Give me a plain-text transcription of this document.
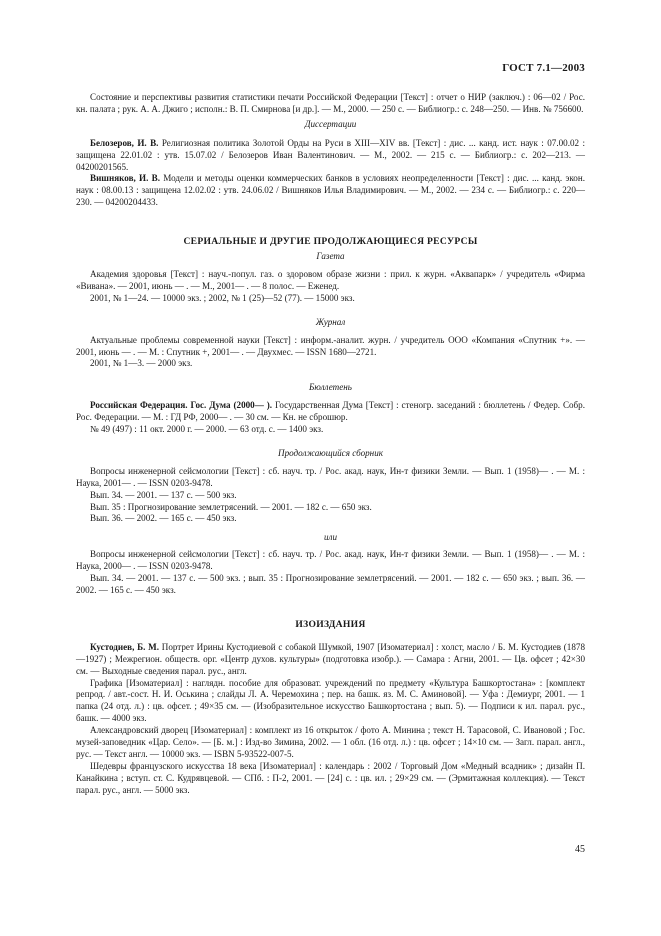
ГОСТ 7.1—2003

Состояние и перспективы развития статистики печати Российской Федерации [Текст] : отчет о НИР (заключ.) : 06—02 / Рос. кн. палата ; рук. А. А. Джиго ; исполн.: В. П. Смирнова [и др.]. — М., 2000. — 250 с. — Библиогр.: с. 248—250. — Инв. № 756600.

Диссертации

Белозеров, И. В. Религиозная политика Золотой Орды на Руси в XIII—XIV вв. [Текст] : дис. ... канд. ист. наук : 07.00.02 : защищена 22.01.02 : утв. 15.07.02 / Белозеров Иван Валентинович. — М., 2002. — 215 с. — Библиогр.: с. 202—213. — 04200201565.

Вишняков, И. В. Модели и методы оценки коммерческих банков в условиях неопределенности [Текст] : дис. ... канд. экон. наук : 08.00.13 : защищена 12.02.02 : утв. 24.06.02 / Вишняков Илья Владимирович. — М., 2002. — 234 с. — Библиогр.: с. 220—230. — 04200204433.

СЕРИАЛЬНЫЕ И ДРУГИЕ ПРОДОЛЖАЮЩИЕСЯ РЕСУРСЫ
Газета

Академия здоровья [Текст] : науч.-попул. газ. о здоровом образе жизни : прил. к журн. «Аквапарк» / учредитель «Фирма «Вивана». — 2001, июнь — . — М., 2001— . — 8 полос. — Еженед.

2001, № 1—24. — 10000 экз. ; 2002, № 1 (25)—52 (77). — 15000 экз.

Журнал

Актуальные проблемы современной науки [Текст] : информ.-аналит. журн. / учредитель ООО «Компания «Спутник +». — 2001, июнь — . — М. : Спутник +, 2001— . — Двухмес. — ISSN 1680—2721.

2001, № 1—3. — 2000 экз.

Бюллетень

Российская Федерация. Гос. Дума (2000— ). Государственная Дума [Текст] : стеногр. заседаний : бюллетень / Федер. Собр. Рос. Федерации. — М. : ГД РФ, 2000— . — 30 см. — Кн. не сброшюр.

№ 49 (497) : 11 окт. 2000 г. — 2000. — 63 отд. с. — 1400 экз.

Продолжающийся сборник

Вопросы инженерной сейсмологии [Текст] : сб. науч. тр. / Рос. акад. наук, Ин-т физики Земли. — Вып. 1 (1958)— . — М. : Наука, 2001— . — ISSN 0203-9478.

Вып. 34. — 2001. — 137 с. — 500 экз.

Вып. 35 : Прогнозирование землетрясений. — 2001. — 182 с. — 650 экз.

Вып. 36. — 2002. — 165 с. — 450 экз.

или

Вопросы инженерной сейсмологии [Текст] : сб. науч. тр. / Рос. акад. наук, Ин-т физики Земли. — Вып. 1 (1958)— . — М. : Наука, 2000— . — ISSN 0203-9478.

Вып. 34. — 2001. — 137 с. — 500 экз. ; вып. 35 : Прогнозирование землетрясений. — 2001. — 182 с. — 650 экз. ; вып. 36. — 2002. — 165 с. — 450 экз.

ИЗОИЗДАНИЯ

Кустодиев, Б. М. Портрет Ирины Кустодиевой с собакой Шумкой, 1907 [Изоматериал] : холст, масло / Б. М. Кустодиев (1878—1927) ; Межрегион. обществ. орг. «Центр духов. культуры» (подготовка изобр.). — Самара : Агни, 2001. — Цв. офсет ; 42×30 см. — Выходные сведения парал. рус., англ.

Графика [Изоматериал] : наглядн. пособие для образоват. учреждений по предмету «Культура Башкортостана» : [комплект репрод. / авт.-сост. Н. И. Оськина ; слайды Л. А. Черемохина ; пер. на башк. яз. М. С. Аминовой]. — Уфа : Демиург, 2001. — 1 папка (24 отд. л.) : цв. офсет. ; 49×35 см. — (Изобразительное искусство Башкортостана ; вып. 5). — Подписи к ил. парал. рус., башк. — 4000 экз.

Александровский дворец [Изоматериал] : комплект из 16 открыток / фото А. Минина ; текст Н. Тарасовой, С. Ивановой ; Гос. музей-заповедник «Цар. Село». — [Б. м.] : Изд-во Зимина, 2002. — 1 обл. (16 отд. л.) : цв. офсет ; 14×10 см. — Загл. парал. англ., рус. — Текст англ. — 10000 экз. — ISBN 5-93522-007-5.

Шедевры французского искусства 18 века [Изоматериал] : календарь : 2002 / Торговый Дом «Медный всадник» ; дизайн П. Канайкина ; вступ. ст. С. Кудрявцевой. — СПб. : П-2, 2001. — [24] с. : цв. ил. ; 29×29 см. — (Эрмитажная коллекция). — Текст парал. рус., англ. — 5000 экз.

45
